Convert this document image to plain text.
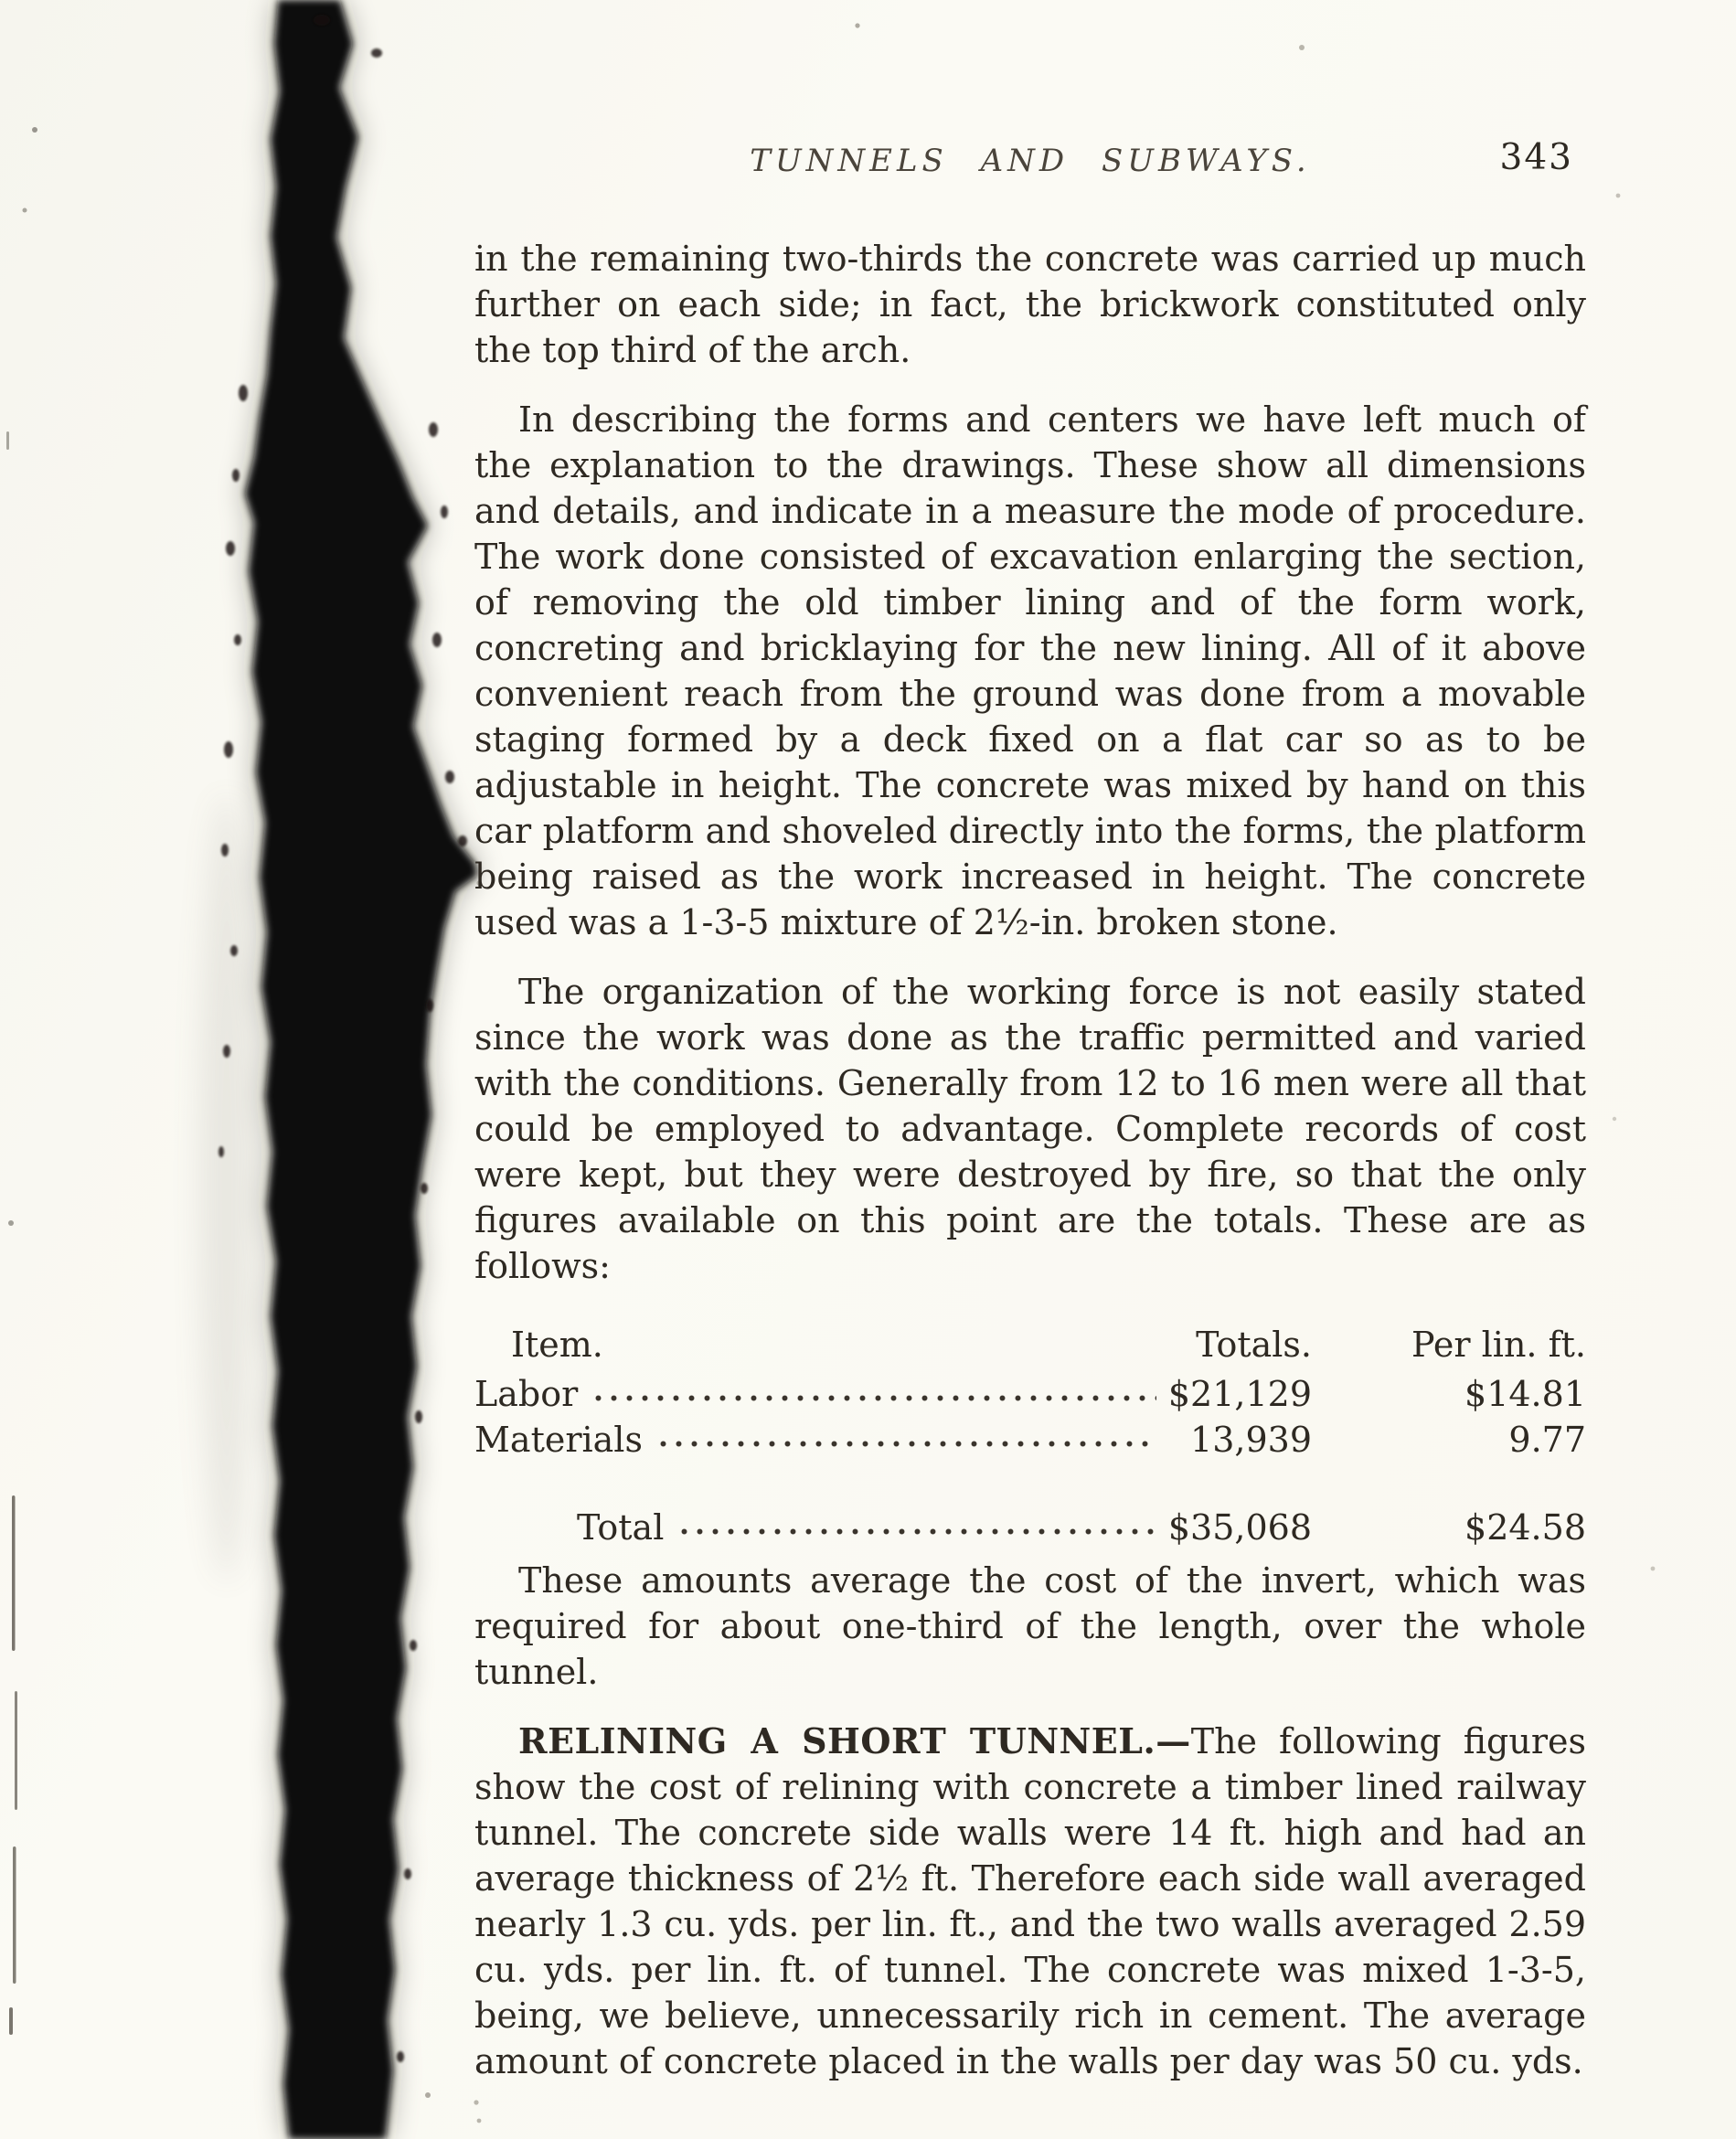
TUNNELS AND SUBWAYS.	343

in the remaining two-thirds the concrete was carried up much further on each side; in fact, the brickwork constituted only the top third of the arch.

In describing the forms and centers we have left much of the explanation to the drawings. These show all dimensions and details, and indicate in a measure the mode of procedure. The work done consisted of excavation enlarging the section, of removing the old timber lining and of the form work, concreting and bricklaying for the new lining. All of it above convenient reach from the ground was done from a movable staging formed by a deck fixed on a flat car so as to be adjustable in height. The concrete was mixed by hand on this car platform and shoveled directly into the forms, the platform being raised as the work increased in height. The concrete used was a 1-3-5 mixture of 2½-in. broken stone.

The organization of the working force is not easily stated since the work was done as the traffic permitted and varied with the conditions. Generally from 12 to 16 men were all that could be employed to advantage. Complete records of cost were kept, but they were destroyed by fire, so that the only figures available on this point are the totals. These are as follows:

Item.	Totals.	Per lin. ft.
Labor	$21,129	$14.81
Materials	13,939	9.77
Total	$35,068	$24.58

These amounts average the cost of the invert, which was required for about one-third of the length, over the whole tunnel.

RELINING A SHORT TUNNEL.—The following figures show the cost of relining with concrete a timber lined railway tunnel. The concrete side walls were 14 ft. high and had an average thickness of 2½ ft. Therefore each side wall averaged nearly 1.3 cu. yds. per lin. ft., and the two walls averaged 2.59 cu. yds. per lin. ft. of tunnel. The concrete was mixed 1-3-5, being, we believe, unnecessarily rich in cement. The average amount of concrete placed in the walls per day was 50 cu. yds.
